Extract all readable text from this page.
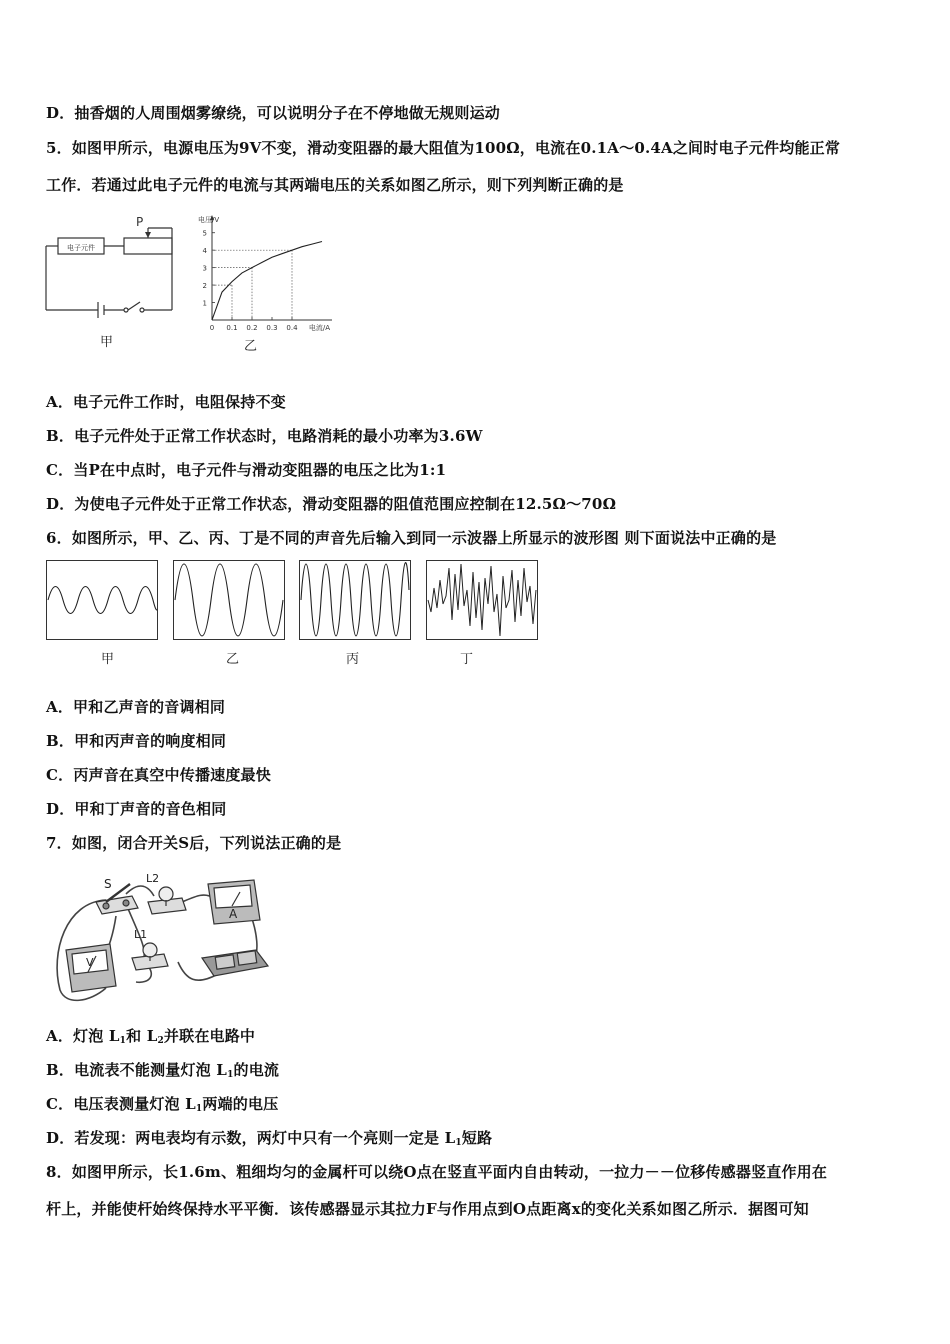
D．抽香烟的人周围烟雾缭绕，可以说明分子在不停地做无规则运动
5．如图甲所示，电源电压为9V不变，滑动变阻器的最大阻值为100Ω，电流在0.1A～0.4A之间时电子元件均能正常
工作．若通过此电子元件的电流与其两端电压的关系如图乙所示，则下列判断正确的是
电子元件
P
甲
1
2
3
4
5
0 0.1 0.2 0.3 0.4
电压/V
电流/A
乙
A．电子元件工作时，电阻保持不变
B．电子元件处于正常工作状态时，电路消耗的最小功率为3.6W
C．当P在中点时，电子元件与滑动变阻器的电压之比为1:1
D．为使电子元件处于正常工作状态，滑动变阻器的阻值范围应控制在12.5Ω～70Ω
6．如图所示，甲、乙、丙、丁是不同的声音先后输入到同一示波器上所显示的波形图 则下面说法中正确的是
甲	乙	丙	丁
A．甲和乙声音的音调相同
B．甲和丙声音的响度相同
C．丙声音在真空中传播速度最快
D．甲和丁声音的音色相同
7．如图，闭合开关S后，下列说法正确的是
S	L2
A
L1
V
A．灯泡 $L_1$和 $L_2$并联在电路中
B．电流表不能测量灯泡 $L_1$的电流
C．电压表测量灯泡 $L_1$两端的电压
D．若发现：两电表均有示数，两灯中只有一个亮则一定是 $L_1$短路
8．如图甲所示，长1.6m、粗细均匀的金属杆可以绕O点在竖直平面内自由转动，一拉力－－位移传感器竖直作用在
杆上，并能使杆始终保持水平平衡．该传感器显示其拉力F与作用点到O点距离x的变化关系如图乙所示．据图可知
